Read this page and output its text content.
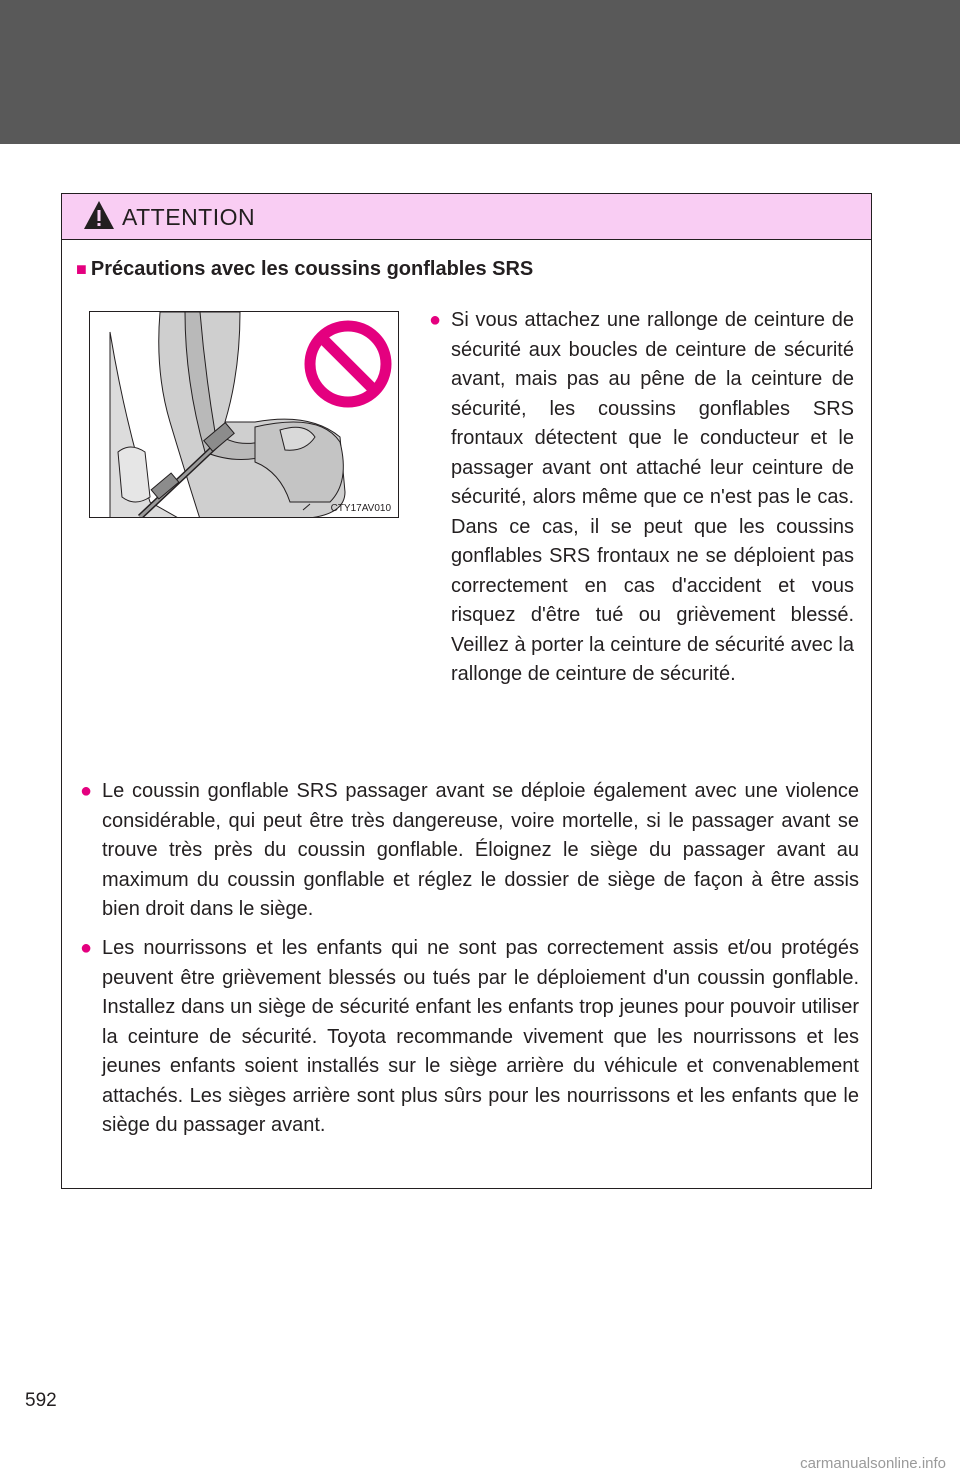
ATTENTION
■ Précautions avec les coussins gonflables SRS
CTY17AV010
● Si vous attachez une rallonge de ceinture de sécurité aux boucles de ceinture de sécurité avant, mais pas au pêne de la ceinture de sécurité, les coussins gonflables SRS frontaux détectent que le conducteur et le passager avant ont attaché leur ceinture de sécurité, alors même que ce n'est pas le cas. Dans ce cas, il se peut que les coussins gonflables SRS frontaux ne se déploient pas correctement en cas d'accident et vous risquez d'être tué ou grièvement blessé. Veillez à porter la ceinture de sécurité avec la rallonge de ceinture de sécurité.
● Le coussin gonflable SRS passager avant se déploie également avec une violence considérable, qui peut être très dangereuse, voire mortelle, si le passager avant se trouve très près du coussin gonflable. Éloignez le siège du passager avant au maximum du coussin gonflable et réglez le dossier de siège de façon à être assis bien droit dans le siège.
● Les nourrissons et les enfants qui ne sont pas correctement assis et/ou protégés peuvent être grièvement blessés ou tués par le déploiement d'un coussin gonflable. Installez dans un siège de sécurité enfant les enfants trop jeunes pour pouvoir utiliser la ceinture de sécurité. Toyota recommande vivement que les nourrissons et les jeunes enfants soient installés sur le siège arrière du véhicule et convenablement attachés. Les sièges arrière sont plus sûrs pour les nourrissons et les enfants que le siège du passager avant.
592
carmanualsonline.info
